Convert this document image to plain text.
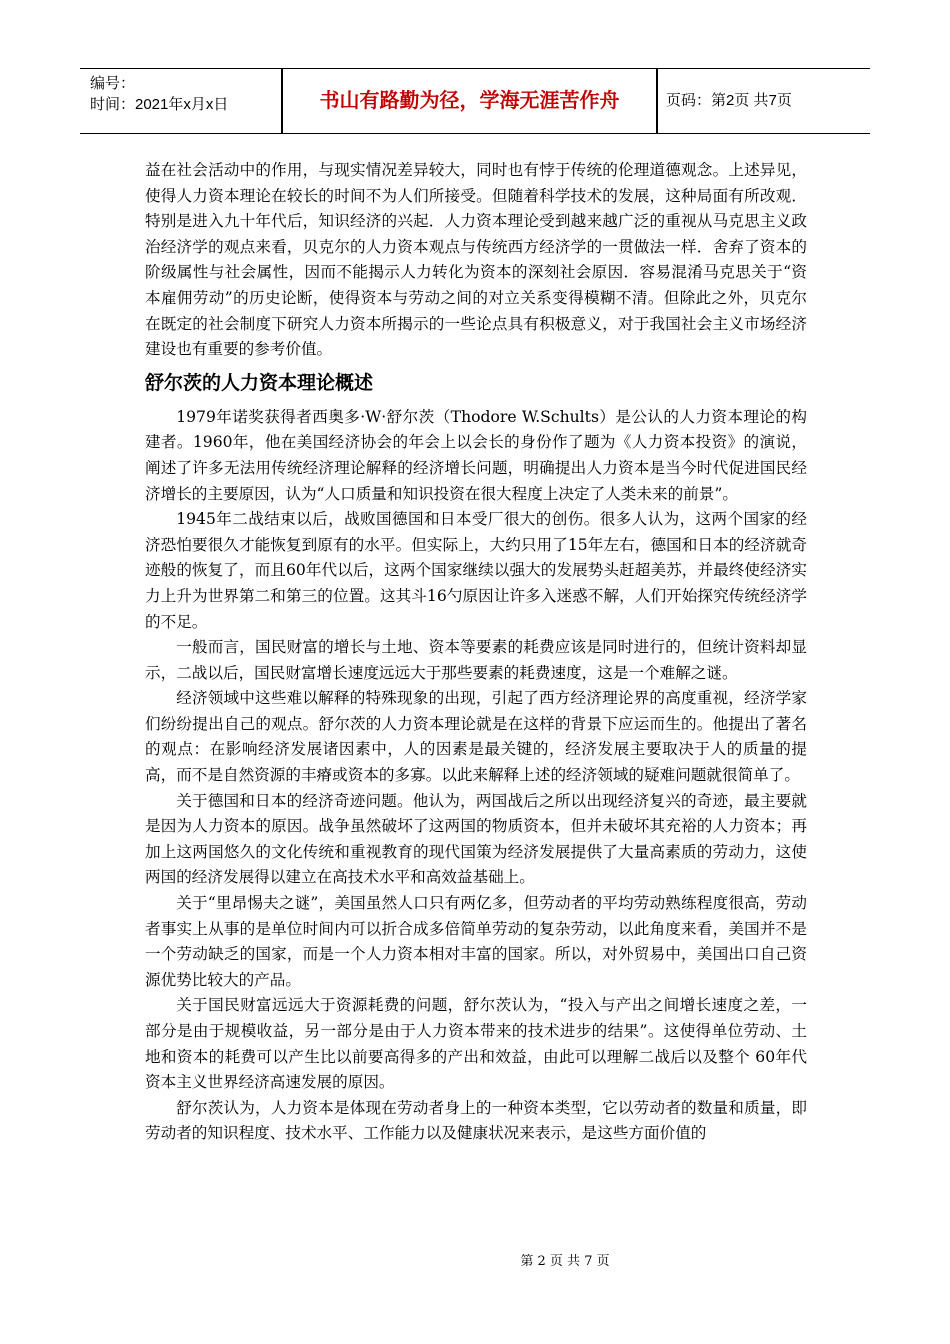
编号：
时间：2021年x月x日	书山有路勤为径，学海无涯苦作舟	页码：第2页 共7页

益在社会活动中的作用，与现实情况差异较大，同时也有悖于传统的伦理道德观念。上述异见， 使得人力资本理论在较长的时间不为人们所接受。但随着科学技术的发展，这种局面有所改观． 特别是进入九十年代后，知识经济的兴起．人力资本理论受到越来越广泛的重视从马克思主义政治经济学的观点来看，贝克尔的人力资本观点与传统西方经济学的一贯做法一样．舍弃了资本的阶级属性与社会属性，因而不能揭示人力转化为资本的深刻社会原因．容易混淆马克思关于“资本雇佣劳动”的历史论断，使得资本与劳动之间的对立关系变得模糊不清。但除此之外，贝克尔在既定的社会制度下研究人力资本所揭示的一些论点具有积极意义，对于我国社会主义市场经济建设也有重要的参考价值。

舒尔茨的人力资本理论概述

1979年诺奖获得者西奥多·W·舒尔茨（Thodore W.Schults）是公认的人力资本理论的构建者。1960年，他在美国经济协会的年会上以会长的身份作了题为《人力资本投资》的演说，阐述了许多无法用传统经济理论解释的经济增长问题，明确提出人力资本是当今时代促进国民经济增长的主要原因，认为“人口质量和知识投资在很大程度上决定了人类未来的前景”。

1945年二战结束以后，战败国德国和日本受厂很大的创伤。很多人认为，这两个国家的经济恐怕要很久才能恢复到原有的水平。但实际上，大约只用了15年左右，德国和日本的经济就奇迹般的恢复了，而且60年代以后，这两个国家继续以强大的发展势头赶超美苏，并最终使经济实力上升为世界第二和第三的位置。这其斗16勺原因让许多入迷惑不解，人们开始探究传统经济学的不足。

一般而言，国民财富的增长与土地、资本等要素的耗费应该是同时进行的，但统计资料却显示，二战以后，国民财富增长速度远远大于那些要素的耗费速度，这是一个难解之谜。

经济领域中这些难以解释的特殊现象的出现，引起了西方经济理论界的高度重视，经济学家们纷纷提出自己的观点。舒尔茨的人力资本理论就是在这样的背景下应运而生的。他提出了著名的观点：在影响经济发展诸因素中，人的因素是最关键的，经济发展主要取决于人的质量的提高，而不是自然资源的丰瘠或资本的多寡。以此来解释上述的经济领域的疑难问题就很简单了。

关于德国和日本的经济奇迹问题。他认为，两国战后之所以出现经济复兴的奇迹，最主要就是因为人力资本的原因。战争虽然破坏了这两国的物质资本，但并未破坏其充裕的人力资本；再加上这两国悠久的文化传统和重视教育的现代国策为经济发展提供了大量高素质的劳动力，这使两国的经济发展得以建立在高技术水平和高效益基础上。

关于“里昂惕夫之谜”，美国虽然人口只有两亿多，但劳动者的平均劳动熟练程度很高，劳动者事实上从事的是单位时间内可以折合成多倍简单劳动的复杂劳动，以此角度来看，美国并不是一个劳动缺乏的国家，而是一个人力资本相对丰富的国家。所以，对外贸易中，美国出口自己资源优势比较大的产品。

关于国民财富远远大于资源耗费的问题，舒尔茨认为，“投入与产出之间增长速度之差，一部分是由于规模收益，另一部分是由于人力资本带来的技术进步的结果”。这使得单位劳动、土地和资本的耗费可以产生比以前要高得多的产出和效益，由此可以理解二战后以及整个 60年代资本主义世界经济高速发展的原因。

舒尔茨认为，人力资本是体现在劳动者身上的一种资本类型，它以劳动者的数量和质量，即劳动者的知识程度、技术水平、工作能力以及健康状况来表示，是这些方面价值的

第 2 页 共 7 页
